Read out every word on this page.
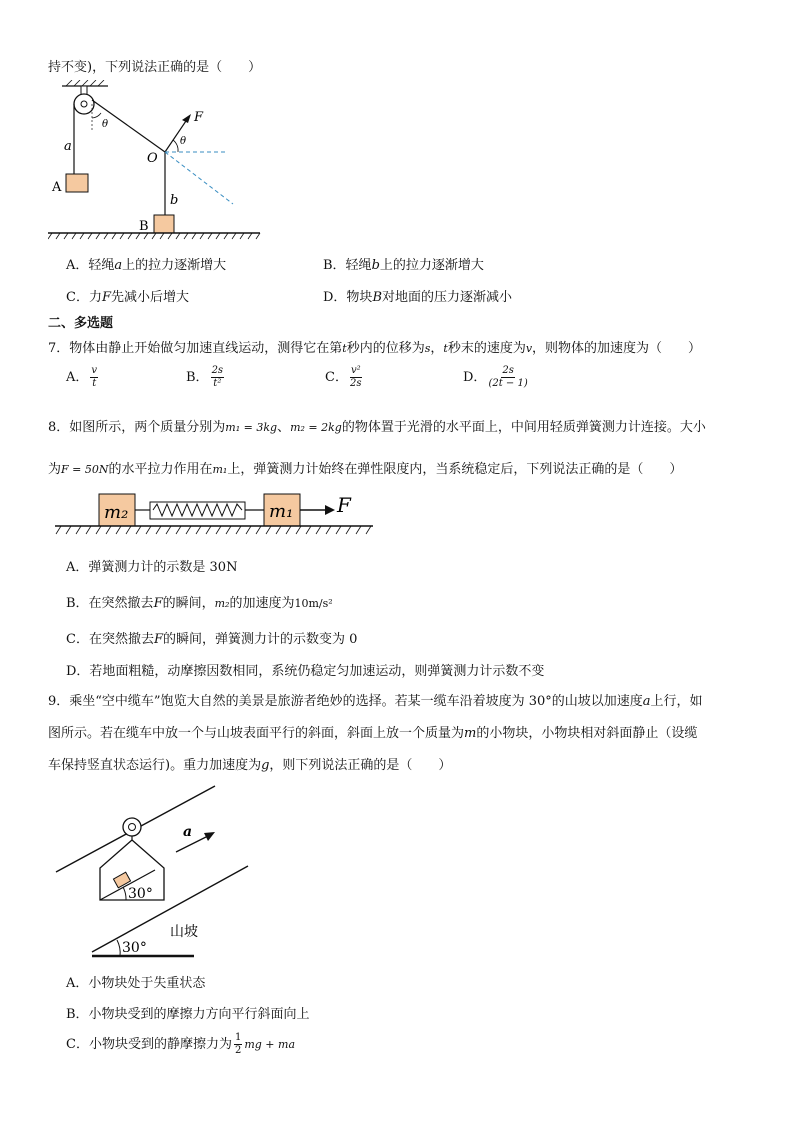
持不变)，下列说法正确的是（　　）
a
θ	F
θ
O
A
b
B
A．轻绳a上的拉力逐渐增大	B．轻绳b上的拉力逐渐增大
C．力F先减小后增大	D．物块B对地面的压力逐渐减小
二、多选题
7．物体由静止开始做匀加速直线运动，测得它在第t秒内的位移为s，t秒末的速度为v，则物体的加速度为（　　）
A． $\frac{v}{t}$	B． $\frac{2s}{\text{t²}}$	C． $\frac{\text{v²}}{2s}$	D． $\frac{2s}{(2t - 1)}$
8．如图所示，两个质量分别为m₁ = 3kg、m₂ = 2kg的物体置于光滑的水平面上，中间用轻质弹簧测力计连接。大小
为F = 50N的水平拉力作用在m₁上，弹簧测力计始终在弹性限度内，当系统稳定后，下列说法正确的是（　　）
m₂	m₁ F
A．弹簧测力计的示数是 30N
B．在突然撤去F的瞬间，m₂的加速度为10m/s²
C．在突然撤去F的瞬间，弹簧测力计的示数变为 0
D．若地面粗糙，动摩擦因数相同，系统仍稳定匀加速运动，则弹簧测力计示数不变
9．乘坐“空中缆车”饱览大自然的美景是旅游者绝妙的选择。若某一缆车沿着坡度为 30°的山坡以加速度a上行，如
图所示。若在缆车中放一个与山坡表面平行的斜面，斜面上放一个质量为m的小物块，小物块相对斜面静止（设缆
车保持竖直状态运行)。重力加速度为g，则下列说法正确的是（　　）
a
30°
30°
山坡
A．小物块处于失重状态
B．小物块受到的摩擦力方向平行斜面向上
C．小物块受到的静摩擦力为 $\frac{1}{2}$ mg + ma
